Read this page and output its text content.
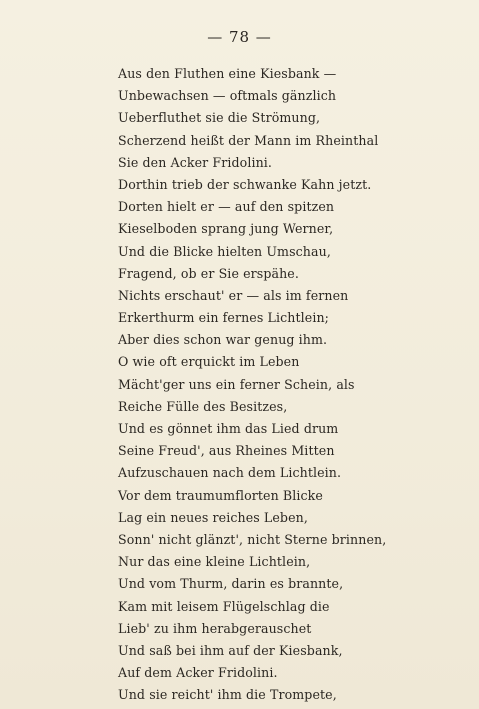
— 78 —
Aus den Fluthen eine Kiesbank —
Unbewachsen — oftmals gänzlich
Ueberfluthet sie die Strömung,
Scherzend heißt der Mann im Rheinthal
Sie den Acker Fridolini.
Dorthin trieb der schwanke Kahn jetzt.
Dorten hielt er — auf den spitzen
Kieselboden sprang jung Werner,
Und die Blicke hielten Umschau,
Fragend, ob er Sie erspähe.
Nichts erschaut' er — als im fernen
Erkerthurm ein fernes Lichtlein;
Aber dies schon war genug ihm.
O wie oft erquickt im Leben
Mächt'ger uns ein ferner Schein, als
Reiche Fülle des Besitzes,
Und es gönnet ihm das Lied drum
Seine Freud', aus Rheines Mitten
Aufzuschauen nach dem Lichtlein.
Vor dem traumumflorten Blicke
Lag ein neues reiches Leben,
Sonn' nicht glänzt', nicht Sterne brinnen,
Nur das eine kleine Lichtlein,
Und vom Thurm, darin es brannte,
Kam mit leisem Flügelschlag die
Lieb' zu ihm herabgerauschet
Und saß bei ihm auf der Kiesbank,
Auf dem Acker Fridolini.
Und sie reicht' ihm die Trompete,
